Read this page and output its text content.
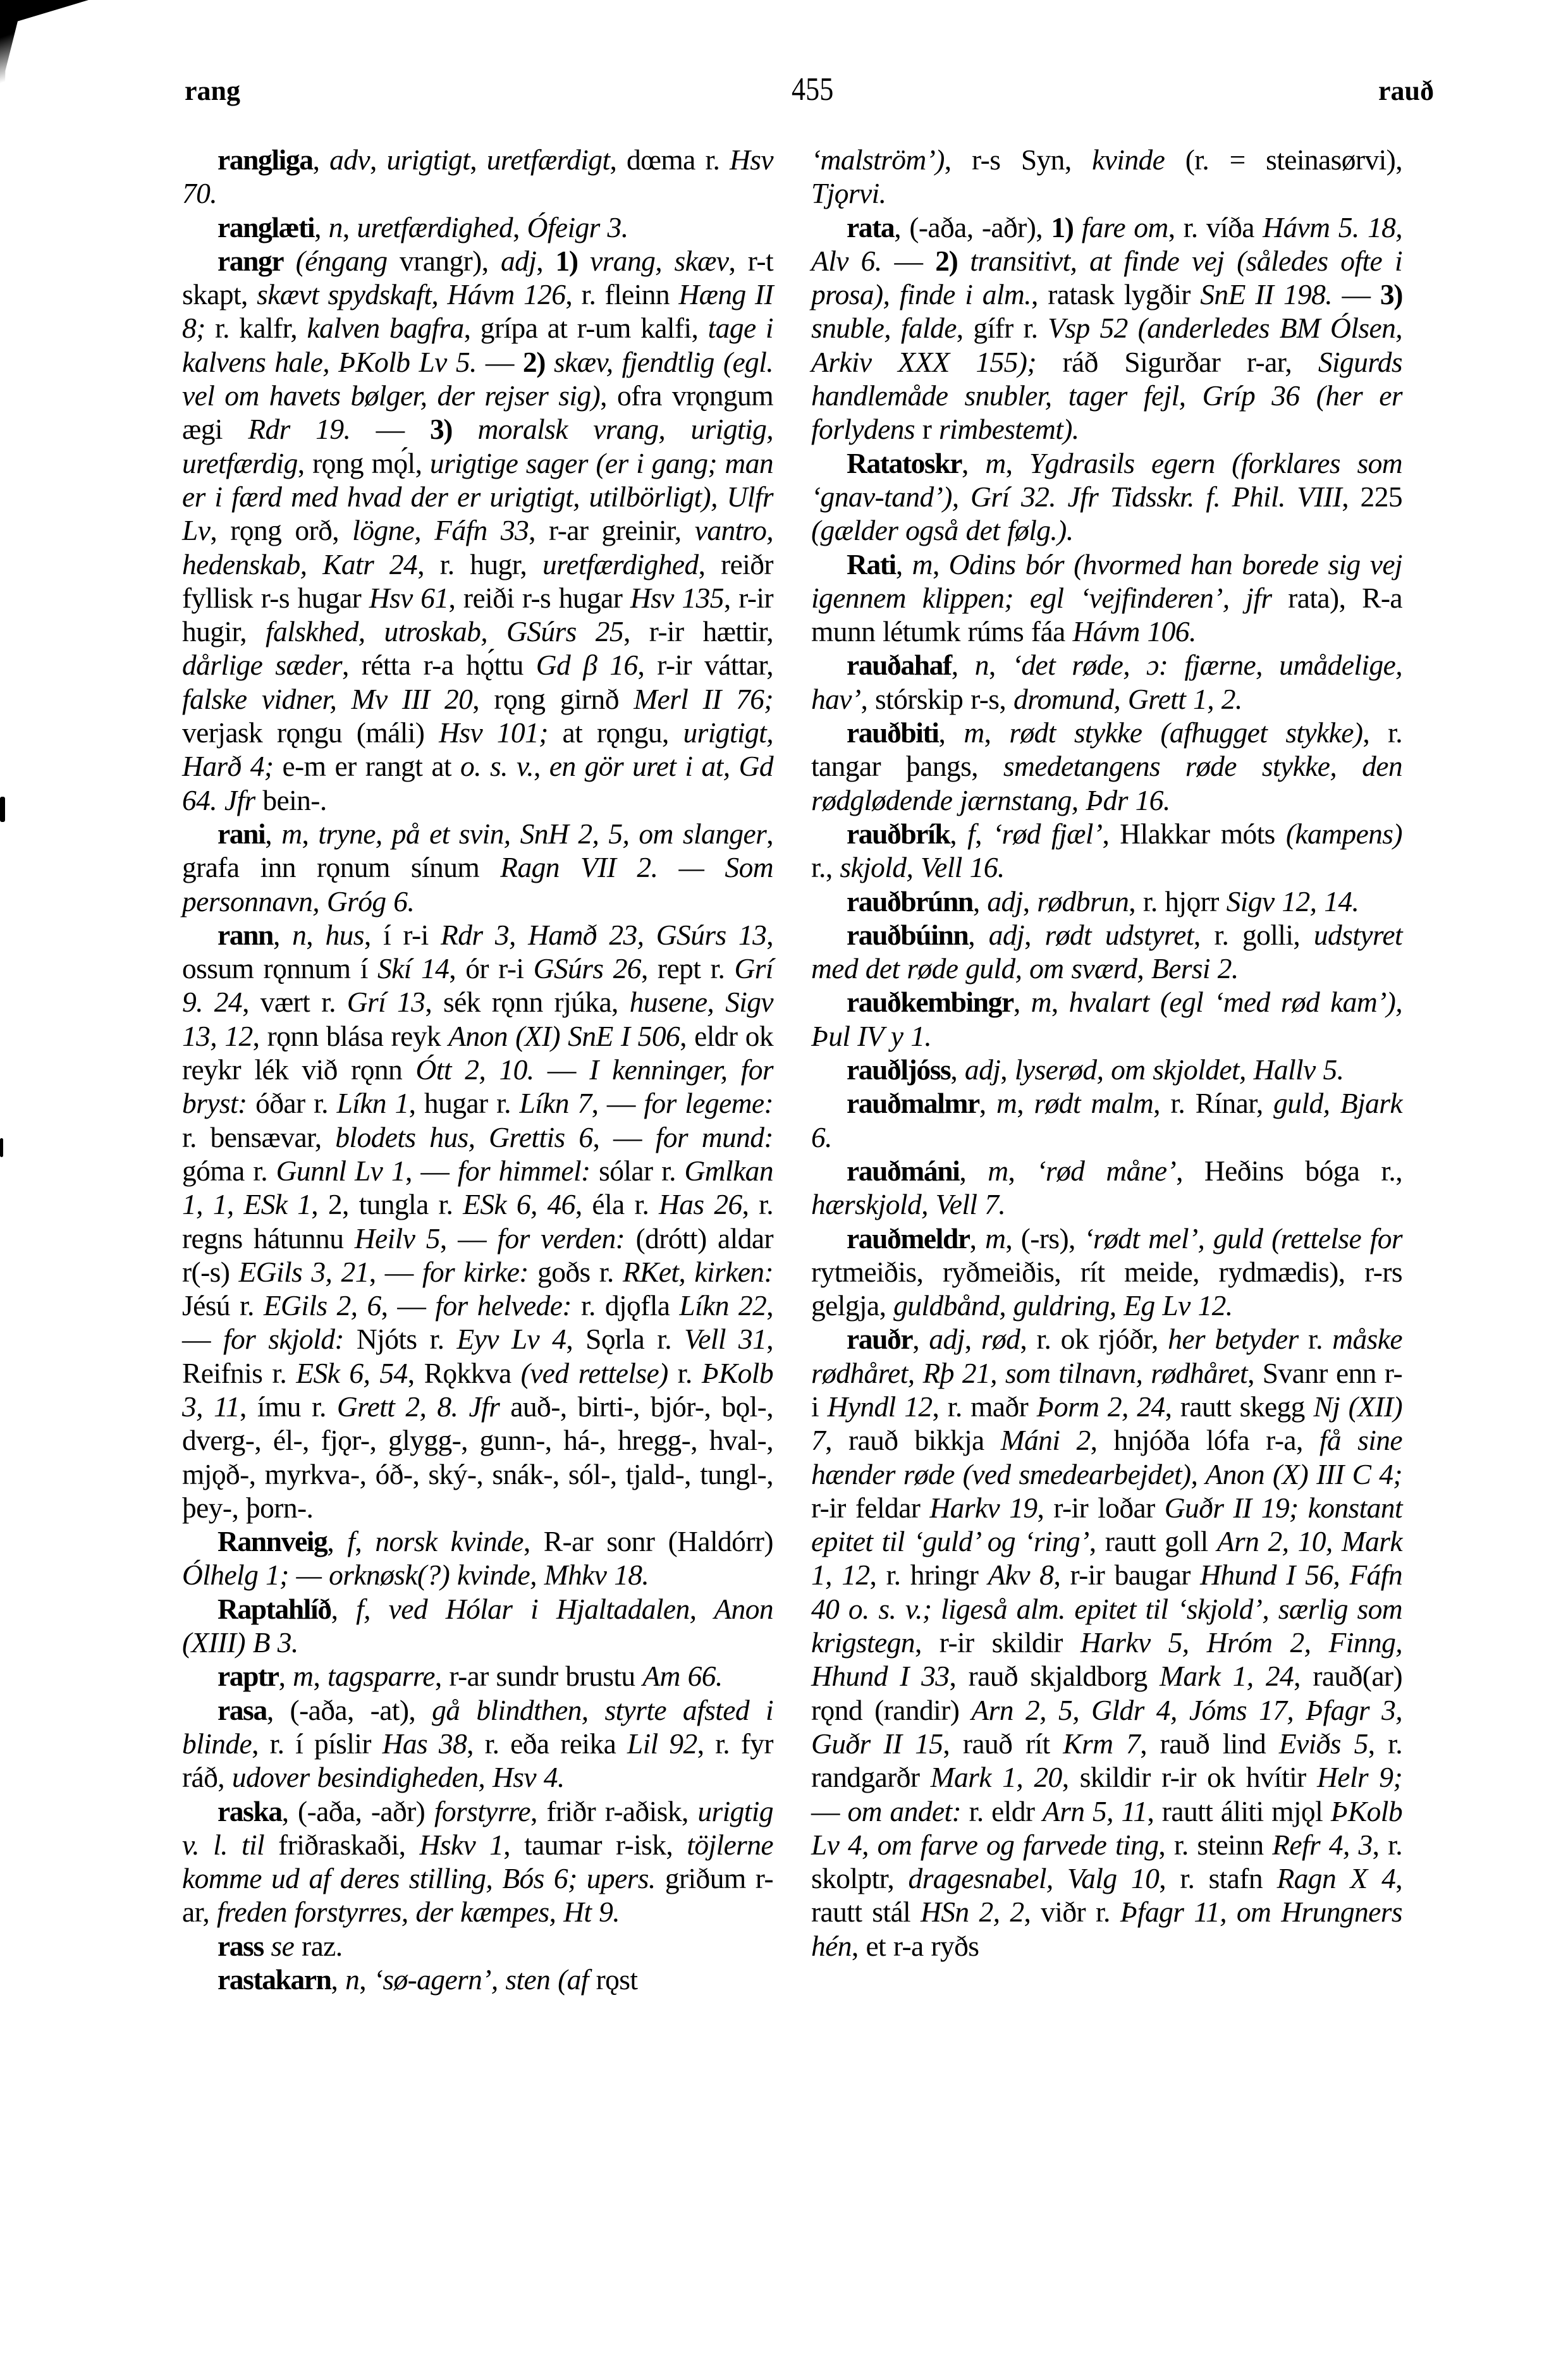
rang	455	rauð

rangliga, adv, urigtigt, uretfærdigt, dœma r. Hsv 70.

ranglæti, n, uretfærdighed, Ófeigr 3.

rangr (éngang vrangr), adj, 1) vrang, skæv, r-t skapt, skævt spydskaft, Hávm 126, r. fleinn Hæng II 8; r. kalfr, kalven bagfra, grípa at r-um kalfi, tage i kalvens hale, ÞKolb Lv 5. — 2) skæv, fjendtlig (egl. vel om havets bølger, der rejser sig), ofra vrǫngum ægi Rdr 19. — 3) moralsk vrang, urigtig, uretfærdig, rǫng mǫ́l, urigtige sager (er i gang; man er i færd med hvad der er urigtigt, utilbörligt), Ulfr Lv, rǫng orð, lögne, Fáfn 33, r-ar greinir, vantro, hedenskab, Katr 24, r. hugr, uretfærdighed, reiðr fyllisk r-s hugar Hsv 61, reiði r-s hugar Hsv 135, r-ir hugir, falskhed, utroskab, GSúrs 25, r-ir hættir, dårlige sæder, rétta r-a hǫ́ttu Gd β 16, r-ir váttar, falske vidner, Mv III 20, rǫng girnð Merl II 76; verjask rǫngu (máli) Hsv 101; at rǫngu, urigtigt, Harð 4; e-m er rangt at o. s. v., en gör uret i at, Gd 64. Jfr bein-.

rani, m, tryne, på et svin, SnH 2, 5, om slanger, grafa inn rǫnum sínum Ragn VII 2. — Som personnavn, Gróg 6.

rann, n, hus, í r-i Rdr 3, Hamð 23, GSúrs 13, ossum rǫnnum í Skí 14, ór r-i GSúrs 26, rept r. Grí 9. 24, vært r. Grí 13, sék rǫnn rjúka, husene, Sigv 13, 12, rǫnn blása reyk Anon (XI) SnE I 506, eldr ok reykr lék við rǫnn Ótt 2, 10. — I kenninger, for bryst: óðar r. Líkn 1, hugar r. Líkn 7, — for legeme: r. bensævar, blodets hus, Grettis 6, — for mund: góma r. Gunnl Lv 1, — for himmel: sólar r. Gmlkan 1, 1, ESk 1, 2, tungla r. ESk 6, 46, éla r. Has 26, r. regns hátunnu Heilv 5, — for verden: (drótt) aldar r(-s) EGils 3, 21, — for kirke: goðs r. RKet, kirken: Jésú r. EGils 2, 6, — for helvede: r. djǫfla Líkn 22, — for skjold: Njóts r. Eyv Lv 4, Sǫrla r. Vell 31, Reifnis r. ESk 6, 54, Rǫkkva (ved rettelse) r. ÞKolb 3, 11, ímu r. Grett 2, 8. Jfr auð-, birti-, bjór-, bǫl-, dverg-, él-, fjǫr-, glygg-, gunn-, há-, hregg-, hval-, mjǫð-, myrkva-, óð-, ský-, snák-, sól-, tjald-, tungl-, þey-, þorn-.

Rannveig, f, norsk kvinde, R-ar sonr (Haldórr) Ólhelg 1; — orknøsk(?) kvinde, Mhkv 18.

Raptahlíð, f, ved Hólar i Hjaltadalen, Anon (XIII) B 3.

raptr, m, tagsparre, r-ar sundr brustu Am 66.

rasa, (-aða, -at), gå blindthen, styrte afsted i blinde, r. í píslir Has 38, r. eða reika Lil 92, r. fyr ráð, udover besindigheden, Hsv 4.

raska, (-aða, -aðr) forstyrre, friðr r-aðisk, urigtig v. l. til friðraskaði, Hskv 1, taumar r-isk, töjlerne komme ud af deres stilling, Bós 6; upers. griðum r-ar, freden forstyrres, der kæmpes, Ht 9.

rass se raz.

rastakarn, n, ‘sø-agern’, sten (af rǫst

‘malström’), r-s Syn, kvinde (r. = steinasørvi), Tjǫrvi.

rata, (-aða, -aðr), 1) fare om, r. víða Hávm 5. 18, Alv 6. — 2) transitivt, at finde vej (således ofte i prosa), finde i alm., ratask lygðir SnE II 198. — 3) snuble, falde, gífr r. Vsp 52 (anderledes BM Ólsen, Arkiv XXX 155); ráð Sigurðar r-ar, Sigurds handlemåde snubler, tager fejl, Gríp 36 (her er forlydens r rimbestemt).

Ratatoskr, m, Ygdrasils egern (forklares som ‘gnav-tand’), Grí 32. Jfr Tidsskr. f. Phil. VIII, 225 (gælder også det følg.).

Rati, m, Odins bór (hvormed han borede sig vej igennem klippen; egl ‘vejfinderen’, jfr rata), R-a munn létumk rúms fáa Hávm 106.

rauðahaf, n, ‘det røde, ɔ: fjærne, umådelige, hav’, stórskip r-s, dromund, Grett 1, 2.

rauðbiti, m, rødt stykke (afhugget stykke), r. tangar þangs, smedetangens røde stykke, den rødglødende jærnstang, Þdr 16.

rauðbrík, f, ‘rød fjæl’, Hlakkar móts (kampens) r., skjold, Vell 16.

rauðbrúnn, adj, rødbrun, r. hjǫrr Sigv 12, 14.

rauðbúinn, adj, rødt udstyret, r. golli, udstyret med det røde guld, om sværd, Bersi 2.

rauðkembingr, m, hvalart (egl ‘med rød kam’), Þul IV y 1.

rauðljóss, adj, lyserød, om skjoldet, Hallv 5.

rauðmalmr, m, rødt malm, r. Rínar, guld, Bjark 6.

rauðmáni, m, ‘rød måne’, Heðins bóga r., hærskjold, Vell 7.

rauðmeldr, m, (-rs), ‘rødt mel’, guld (rettelse for rytmeiðis, ryðmeiðis, rít meide, rydmædis), r-rs gelgja, guldbånd, guldring, Eg Lv 12.

rauðr, adj, rød, r. ok rjóðr, her betyder r. måske rødhåret, Rþ 21, som tilnavn, rødhåret, Svanr enn r-i Hyndl 12, r. maðr Þorm 2, 24, rautt skegg Nj (XII) 7, rauð bikkja Máni 2, hnjóða lófa r-a, få sine hænder røde (ved smedearbejdet), Anon (X) III C 4; r-ir feldar Harkv 19, r-ir loðar Guðr II 19; konstant epitet til ‘guld’ og ‘ring’, rautt goll Arn 2, 10, Mark 1, 12, r. hringr Akv 8, r-ir baugar Hhund I 56, Fáfn 40 o. s. v.; ligeså alm. epitet til ‘skjold’, særlig som krigstegn, r-ir skildir Harkv 5, Hróm 2, Finng, Hhund I 33, rauð skjaldborg Mark 1, 24, rauð(ar) rǫnd (randir) Arn 2, 5, Gldr 4, Jóms 17, Þfagr 3, Guðr II 15, rauð rít Krm 7, rauð lind Eviðs 5, r. randgarðr Mark 1, 20, skildir r-ir ok hvítir Helr 9; — om andet: r. eldr Arn 5, 11, rautt áliti mjǫl ÞKolb Lv 4, om farve og farvede ting, r. steinn Refr 4, 3, r. skolptr, dragesnabel, Valg 10, r. stafn Ragn X 4, rautt stál HSn 2, 2, viðr r. Þfagr 11, om Hrungners hén, et r-a ryðs
